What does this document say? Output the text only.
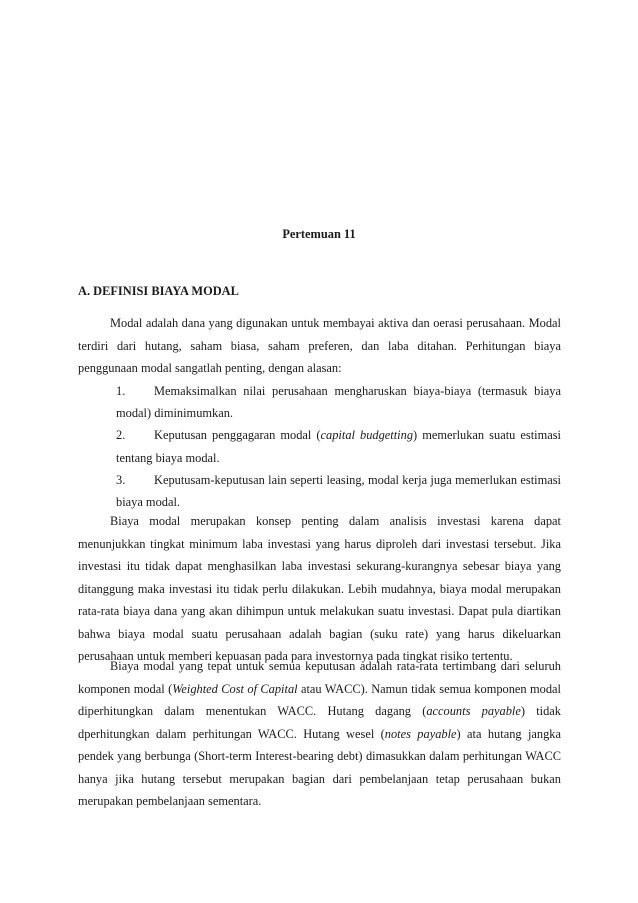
Pertemuan 11
A. DEFINISI BIAYA MODAL

Modal adalah dana yang digunakan untuk membayai aktiva dan oerasi perusahaan. Modal terdiri dari hutang, saham biasa, saham preferen, dan laba ditahan. Perhitungan biaya penggunaan modal sangatlah penting, dengan alasan:

1. Memaksimalkan nilai perusahaan mengharuskan biaya-biaya (termasuk biaya modal) diminimumkan.
2. Keputusan penggagaran modal (capital budgetting) memerlukan suatu estimasi tentang biaya modal.
3. Keputusam-keputusan lain seperti leasing, modal kerja juga memerlukan estimasi biaya modal.

Biaya modal merupakan konsep penting dalam analisis investasi karena dapat menunjukkan tingkat minimum laba investasi yang harus diproleh dari investasi tersebut. Jika investasi itu tidak dapat menghasilkan laba investasi sekurang-kurangnya sebesar biaya yang ditanggung maka investasi itu tidak perlu dilakukan. Lebih mudahnya, biaya modal merupakan rata-rata biaya dana yang akan dihimpun untuk melakukan suatu investasi. Dapat pula diartikan bahwa biaya modal suatu perusahaan adalah bagian (suku rate) yang harus dikeluarkan perusahaan untuk memberi kepuasan pada para investornya pada tingkat risiko tertentu.

Biaya modal yang tepat untuk semua keputusan adalah rata-rata tertimbang dari seluruh komponen modal (Weighted Cost of Capital atau WACC). Namun tidak semua komponen modal diperhitungkan dalam menentukan WACC. Hutang dagang (accounts payable) tidak dperhitungkan dalam perhitungan WACC. Hutang wesel (notes payable) ata hutang jangka pendek yang berbunga (Short-term Interest-bearing debt) dimasukkan dalam perhitungan WACC hanya jika hutang tersebut merupakan bagian dari pembelanjaan tetap perusahaan bukan merupakan pembelanjaan sementara.
